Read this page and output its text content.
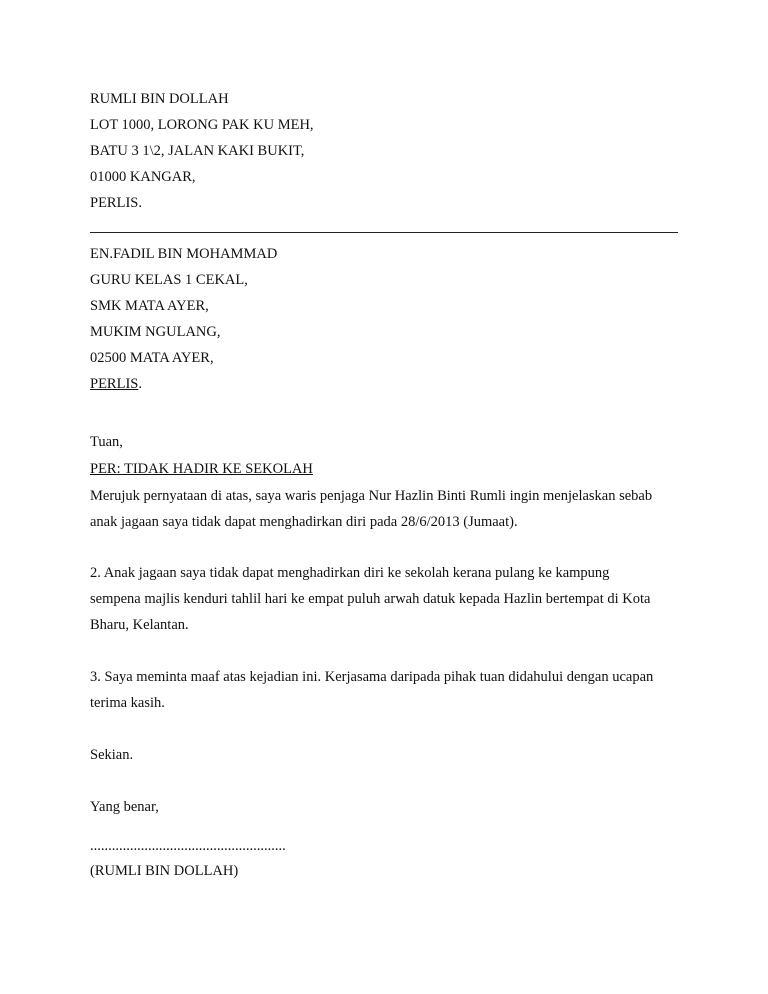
RUMLI BIN DOLLAH
LOT 1000, LORONG PAK KU MEH,
BATU 3 1\2, JALAN KAKI BUKIT,
01000 KANGAR,
PERLIS.
EN.FADIL BIN MOHAMMAD
GURU KELAS 1 CEKAL,
SMK MATA AYER,
MUKIM NGULANG,
02500 MATA AYER,
PERLIS.
Tuan,
PER: TIDAK HADIR KE SEKOLAH
Merujuk pernyataan di atas, saya waris penjaga Nur Hazlin Binti Rumli ingin menjelaskan sebab
anak jagaan saya tidak dapat menghadirkan diri pada 28/6/2013 (Jumaat).
2. Anak jagaan saya tidak dapat menghadirkan diri ke sekolah kerana pulang ke kampung
sempena majlis kenduri tahlil hari ke empat puluh arwah datuk kepada Hazlin bertempat di Kota
Bharu, Kelantan.
3. Saya meminta maaf atas kejadian ini. Kerjasama daripada pihak tuan didahului dengan ucapan
terima kasih.
Sekian.
Yang benar,
......................................................
(RUMLI BIN DOLLAH)
